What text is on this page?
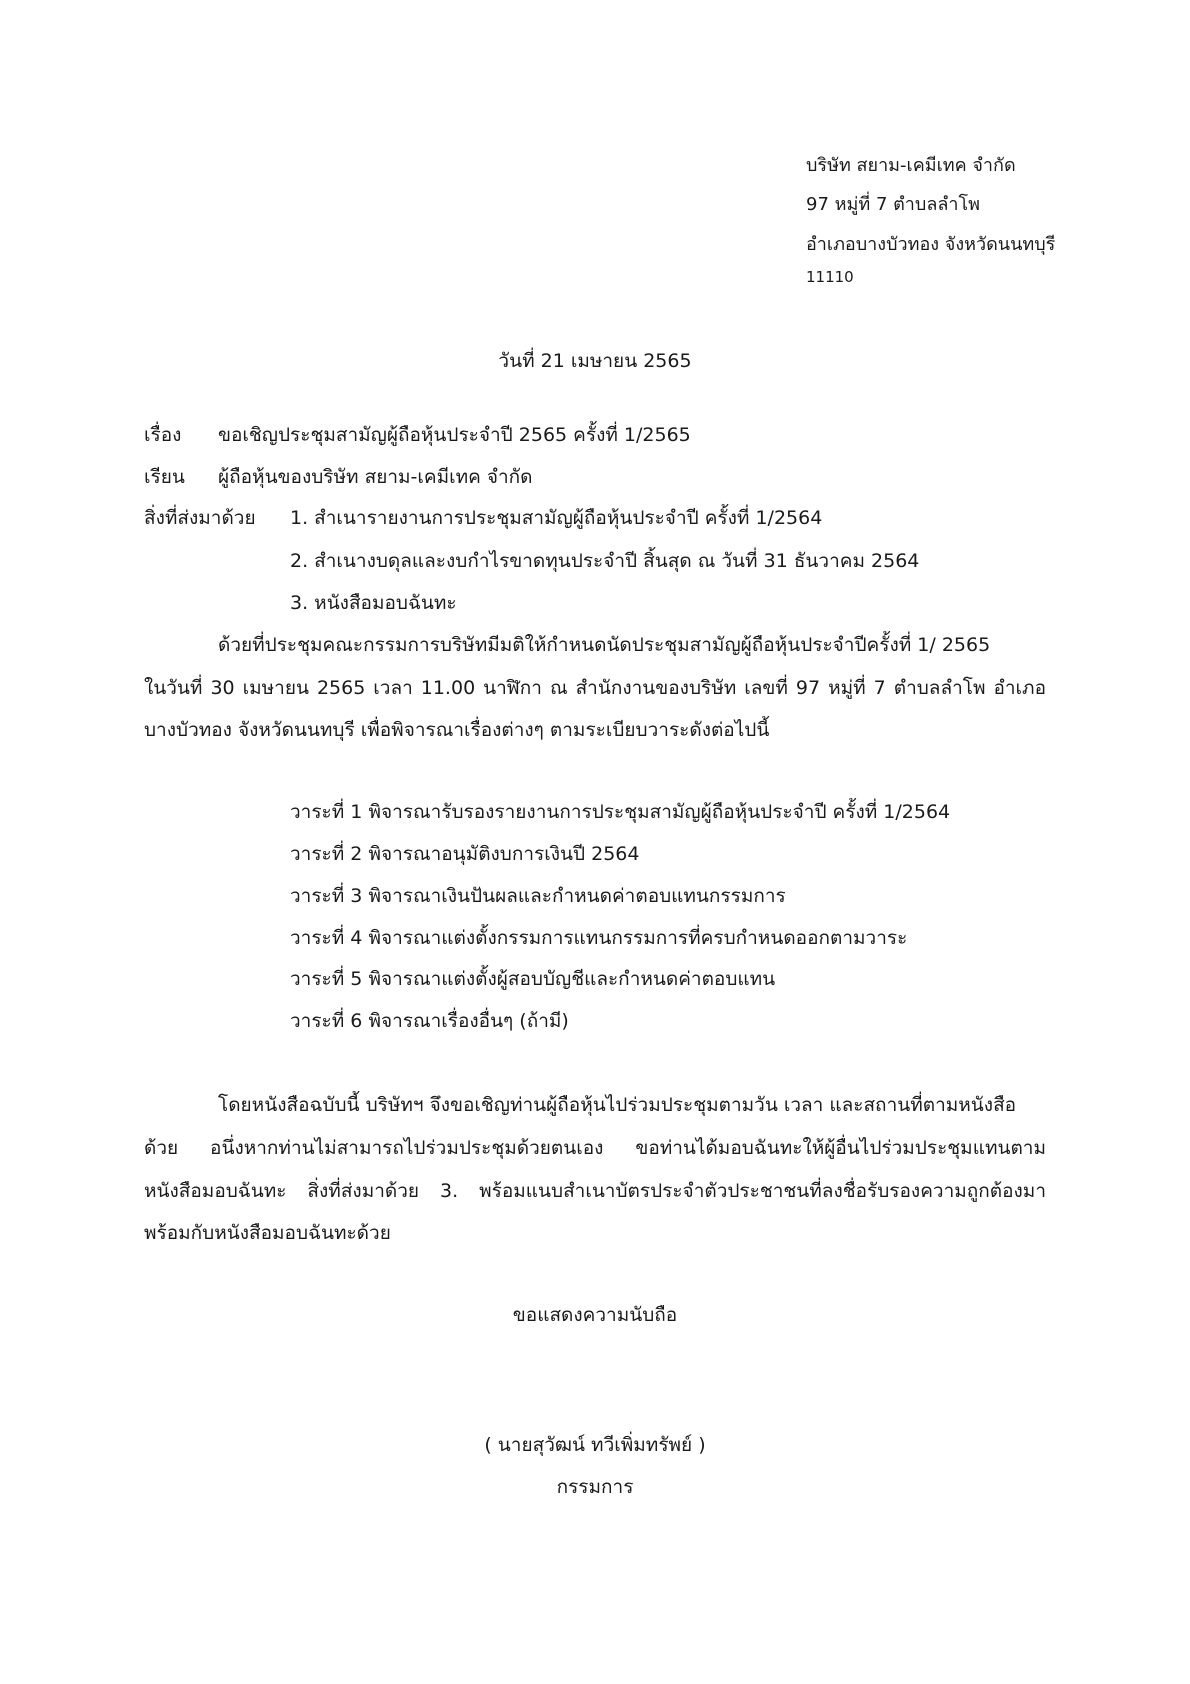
บริษัท สยาม-เคมีเทค จำกัด
97 หมู่ที่ 7 ตำบลลำโพ
อำเภอบางบัวทอง จังหวัดนนทบุรี
11110
วันที่ 21 เมษายน 2565
เรื่อง ขอเชิญประชุมสามัญผู้ถือหุ้นประจำปี 2565 ครั้งที่ 1/2565
เรียน ผู้ถือหุ้นของบริษัท สยาม-เคมีเทค จำกัด
สิ่งที่ส่งมาด้วย 1. สำเนารายงานการประชุมสามัญผู้ถือหุ้นประจำปี ครั้งที่ 1/2564
2. สำเนางบดุลและงบกำไรขาดทุนประจำปี สิ้นสุด ณ วันที่ 31 ธันวาคม 2564
3. หนังสือมอบฉันทะ
ด้วยที่ประชุมคณะกรรมการบริษัทมีมติให้กำหนดนัดประชุมสามัญผู้ถือหุ้นประจำปีครั้งที่ 1/ 2565
ในวันที่ 30 เมษายน 2565 เวลา 11.00 นาฬิกา ณ สำนักงานของบริษัท เลขที่ 97 หมู่ที่ 7 ตำบลลำโพ อำเภอ
บางบัวทอง จังหวัดนนทบุรี เพื่อพิจารณาเรื่องต่างๆ ตามระเบียบวาระดังต่อไปนี้
วาระที่ 1 พิจารณารับรองรายงานการประชุมสามัญผู้ถือหุ้นประจำปี ครั้งที่ 1/2564
วาระที่ 2 พิจารณาอนุมัติงบการเงินปี 2564
วาระที่ 3 พิจารณาเงินปันผลและกำหนดค่าตอบแทนกรรมการ
วาระที่ 4 พิจารณาแต่งตั้งกรรมการแทนกรรมการที่ครบกำหนดออกตามวาระ
วาระที่ 5 พิจารณาแต่งตั้งผู้สอบบัญชีและกำหนดค่าตอบแทน
วาระที่ 6 พิจารณาเรื่องอื่นๆ (ถ้ามี)
โดยหนังสือฉบับนี้ บริษัทฯ จึงขอเชิญท่านผู้ถือหุ้นไปร่วมประชุมตามวัน เวลา และสถานที่ตามหนังสือ
ด้วย อนึ่งหากท่านไม่สามารถไปร่วมประชุมด้วยตนเอง ขอท่านได้มอบฉันทะให้ผู้อื่นไปร่วมประชุมแทนตาม
หนังสือมอบฉันทะ สิ่งที่ส่งมาด้วย 3. พร้อมแนบสำเนาบัตรประจำตัวประชาชนที่ลงชื่อรับรองความถูกต้องมา
พร้อมกับหนังสือมอบฉันทะด้วย
ขอแสดงความนับถือ
( นายสุวัฒน์ ทวีเพิ่มทรัพย์ )
กรรมการ
